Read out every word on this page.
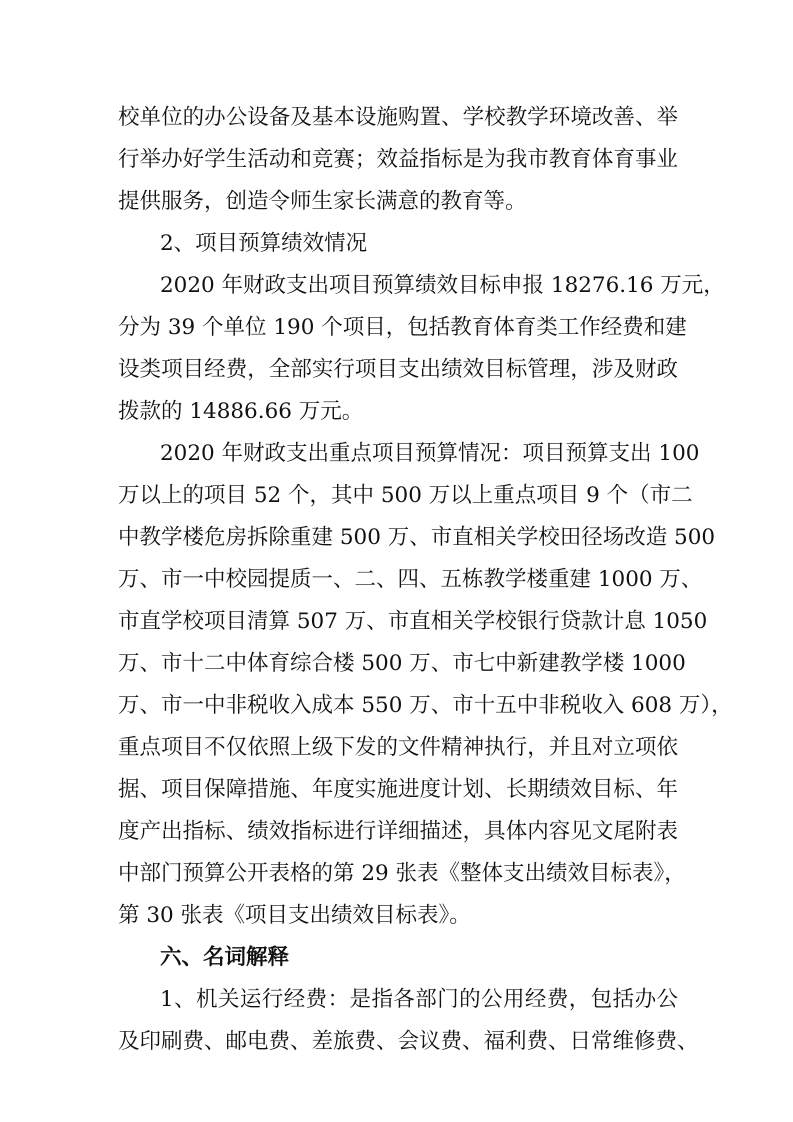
校单位的办公设备及基本设施购置、学校教学环境改善、举
行举办好学生活动和竞赛；效益指标是为我市教育体育事业
提供服务，创造令师生家长满意的教育等。
2、项目预算绩效情况
2020 年财政支出项目预算绩效目标申报 18276.16 万元，
分为 39 个单位 190 个项目，包括教育体育类工作经费和建
设类项目经费，全部实行项目支出绩效目标管理，涉及财政
拨款的 14886.66 万元。
2020 年财政支出重点项目预算情况：项目预算支出 100
万以上的项目 52 个，其中 500 万以上重点项目 9 个（市二
中教学楼危房拆除重建 500 万、市直相关学校田径场改造 500
万、市一中校园提质一、二、四、五栋教学楼重建 1000 万、
市直学校项目清算 507 万、市直相关学校银行贷款计息 1050
万、市十二中体育综合楼 500 万、市七中新建教学楼 1000
万、市一中非税收入成本 550 万、市十五中非税收入 608 万），
重点项目不仅依照上级下发的文件精神执行，并且对立项依
据、项目保障措施、年度实施进度计划、长期绩效目标、年
度产出指标、绩效指标进行详细描述，具体内容见文尾附表
中部门预算公开表格的第 29 张表《整体支出绩效目标表》，
第 30 张表《项目支出绩效目标表》。
六、名词解释
1、机关运行经费：是指各部门的公用经费，包括办公
及印刷费、邮电费、差旅费、会议费、福利费、日常维修费、
